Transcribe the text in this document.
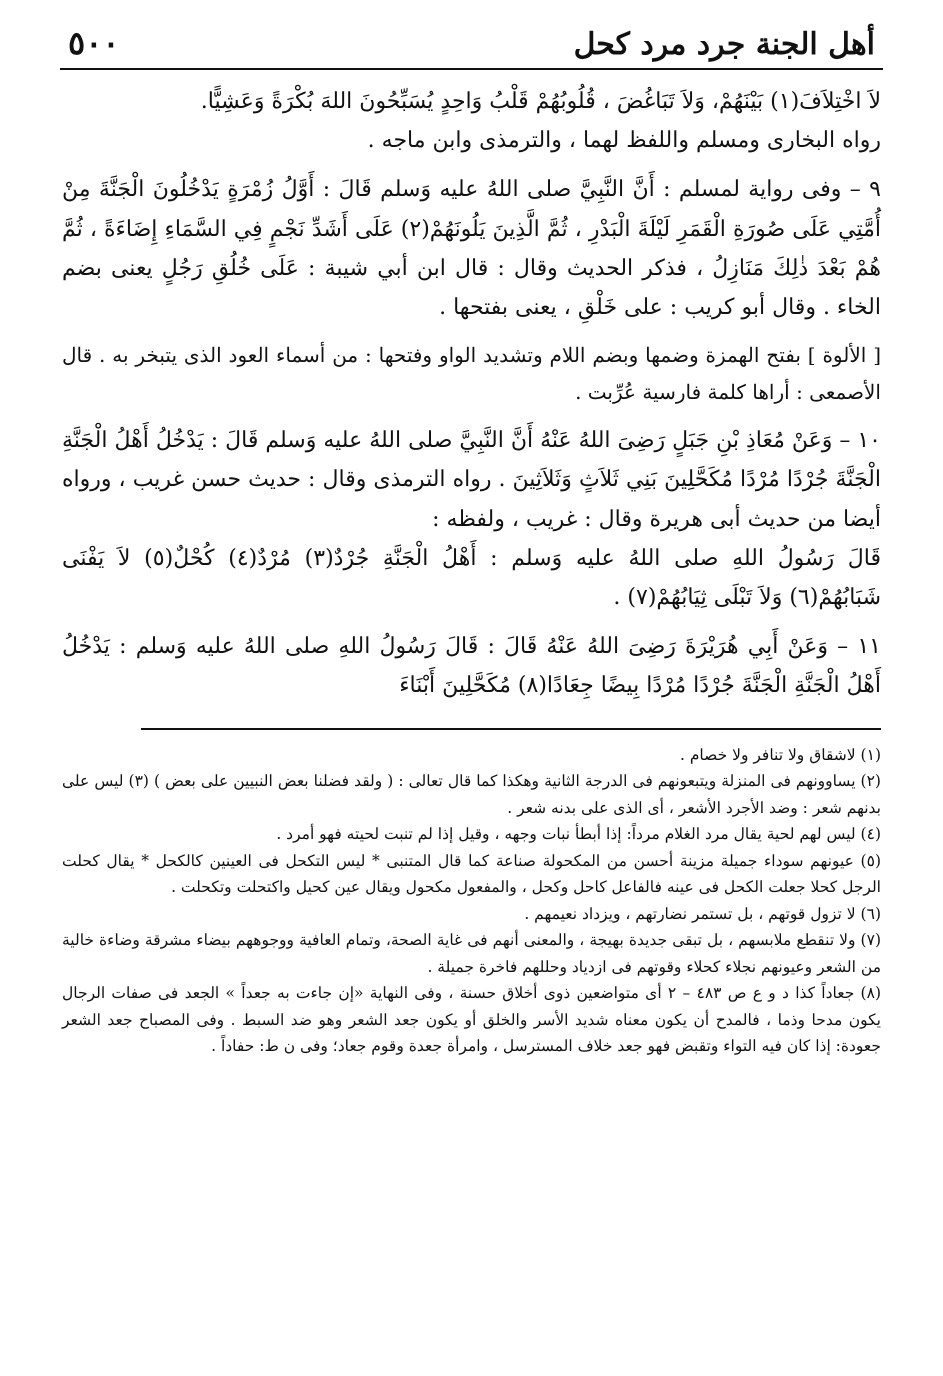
أهل الجنة جرد مرد كحل
٥٠٠

لاَ اخْتِلاَفَ(١) بَيْنَهُمْ، وَلاَ تَبَاغُضَ ، قُلُوبُهُمْ قَلْبُ وَاحِدٍ يُسَبِّحُونَ اللهَ بُكْرَةً وَعَشِيًّا.

رواه البخارى ومسلم واللفظ لهما ، والترمذى وابن ماجه .

٩ – وفى رواية لمسلم : أَنَّ النَّبِيَّ صلى اللهُ عليه وَسلم قَالَ : أَوَّلُ زُمْرَةٍ يَدْخُلُونَ الْجَنَّةَ مِنْ أُمَّتِي عَلَى صُورَةِ الْقَمَرِ لَيْلَةَ الْبَدْرِ ، ثُمَّ الَّذِينَ يَلُونَهُمْ(٢) عَلَى أَشَدِّ نَجْمٍ فِي السَّمَاءِ إِضَاءَةً ، ثُمَّ هُمْ بَعْدَ ذٰلِكَ مَنَازِلُ ، فذكر الحديث وقال : قال ابن أبي شيبة : عَلَى خُلُقِ رَجُلٍ يعنى بضم الخاء . وقال أبو كريب : على خَلْقِ ، يعنى بفتحها .

[ الألوة ] بفتح الهمزة وضمها وبضم اللام وتشديد الواو وفتحها : من أسماء العود الذى يتبخر به . قال الأصمعى : أراها كلمة فارسية عُرِّبت .

١٠ – وَعَنْ مُعَاذِ بْنِ جَبَلٍ رَضِىَ اللهُ عَنْهُ أَنَّ النَّبِيَّ صلى اللهُ عليه وَسلم قَالَ : يَدْخُلُ أَهْلُ الْجَنَّةِ الْجَنَّةَ جُرْدًا مُرْدًا مُكَحَّلِينَ بَنِي ثَلاَثٍ وَثَلاَثِينَ . رواه الترمذى وقال : حديث حسن غريب ، ورواه أيضا من حديث أبى هريرة وقال : غريب ، ولفظه :

قَالَ رَسُولُ اللهِ صلى اللهُ عليه وَسلم : أَهْلُ الْجَنَّةِ جُرْدٌ(٣) مُرْدٌ(٤) كُحْلٌ(٥) لاَ يَفْنَى شَبَابُهُمْ(٦) وَلاَ تَبْلَى ثِيَابُهُمْ(٧) .

١١ – وَعَنْ أَبِي هُرَيْرَةَ رَضِىَ اللهُ عَنْهُ قَالَ : قَالَ رَسُولُ اللهِ صلى اللهُ عليه وَسلم : يَدْخُلُ أَهْلُ الْجَنَّةِ الْجَنَّةَ جُرْدًا مُرْدًا بِيضًا جِعَادًا(٨) مُكَحَّلِينَ أَبْنَاءَ

(١) لاشقاق ولا تنافر ولا خصام .

(٢) يساوونهم فى المنزلة ويتبعونهم فى الدرجة الثانية وهكذا كما قال تعالى : ( ولقد فضلنا بعض النبيين على بعض ) (٣) ليس على بدنهم شعر : وضد الأجرد الأشعر ، أى الذى على بدنه شعر .

(٤) ليس لهم لحية يقال مرد الغلام مرداً: إذا أبطأ نبات وجهه ، وقيل إذا لم تنبت لحيته فهو أمرد .

(٥) عيونهم سوداء جميلة مزينة أحسن من المكحولة صناعة كما قال المتنبى * ليس التكحل فى العينين كالكحل * يقال كحلت الرجل كحلا جعلت الكحل فى عينه فالفاعل كاحل وكحل ، والمفعول مكحول ويقال عين كحيل واكتحلت وتكحلت .

(٦) لا تزول قوتهم ، بل تستمر نضارتهم ، ويزداد نعيمهم .

(٧) ولا تنقطع ملابسهم ، بل تبقى جديدة بهيجة ، والمعنى أنهم فى غاية الصحة، وتمام العافية ووجوههم بيضاء مشرقة وضاءة خالية من الشعر وعيونهم نجلاء كحلاء وقوتهم فى ازدياد وحللهم فاخرة جميلة .

(٨) جعاداً كذا د و ع ص ٤٨٣ – ٢ أى متواضعين ذوى أخلاق حسنة ، وفى النهاية «إن جاءت به جعداً » الجعد فى صفات الرجال يكون مدحا وذما ، فالمدح أن يكون معناه شديد الأسر والخلق أو يكون جعد الشعر وهو ضد السبط . وفى المصباح جعد الشعر جعودة: إذا كان فيه التواء وتقبض فهو جعد خلاف المسترسل ، وامرأة جعدة وقوم جعاد؛ وفى ن ط: حفاداً .
